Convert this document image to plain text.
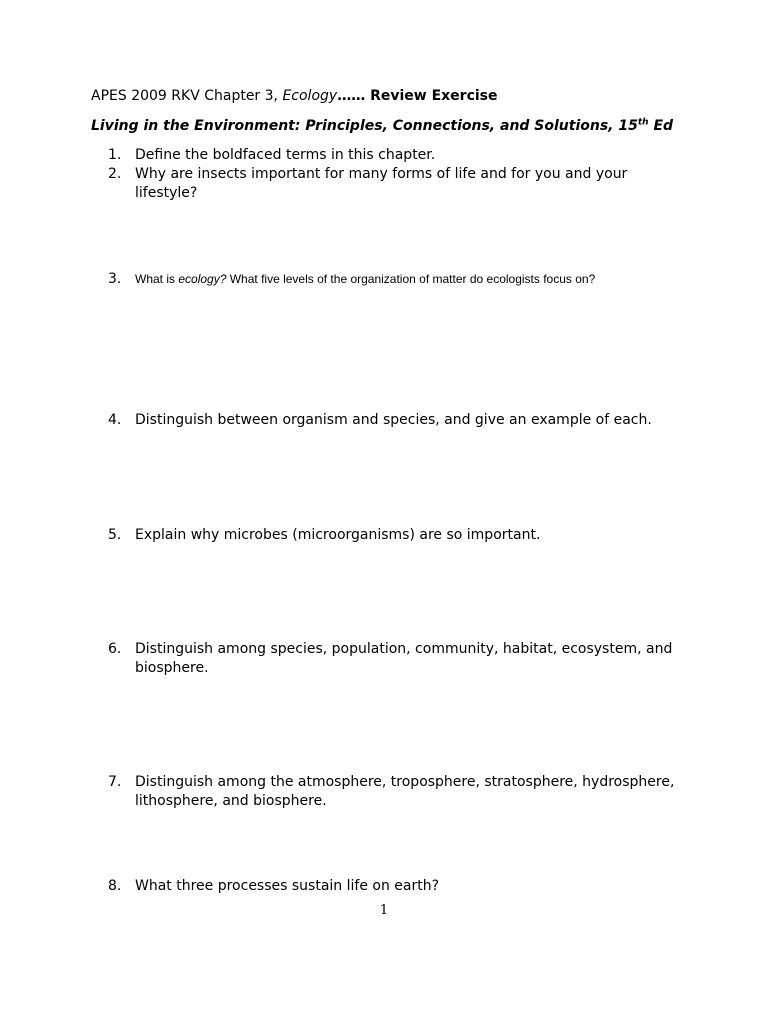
APES 2009 RKV Chapter 3, Ecology…… Review Exercise
Living in the Environment: Principles, Connections, and Solutions, 15th Ed
1. Define the boldfaced terms in this chapter.
2. Why are insects important for many forms of life and for you and your lifestyle?
3.	What is ecology? What five levels of the organization of matter do ecologists focus on?
4. Distinguish between organism and species, and give an example of each.
5. Explain why microbes (microorganisms) are so important.
6. Distinguish among species, population, community, habitat, ecosystem, and biosphere.
7. Distinguish among the atmosphere, troposphere, stratosphere, hydrosphere, lithosphere, and biosphere.
8. What three processes sustain life on earth?
1
